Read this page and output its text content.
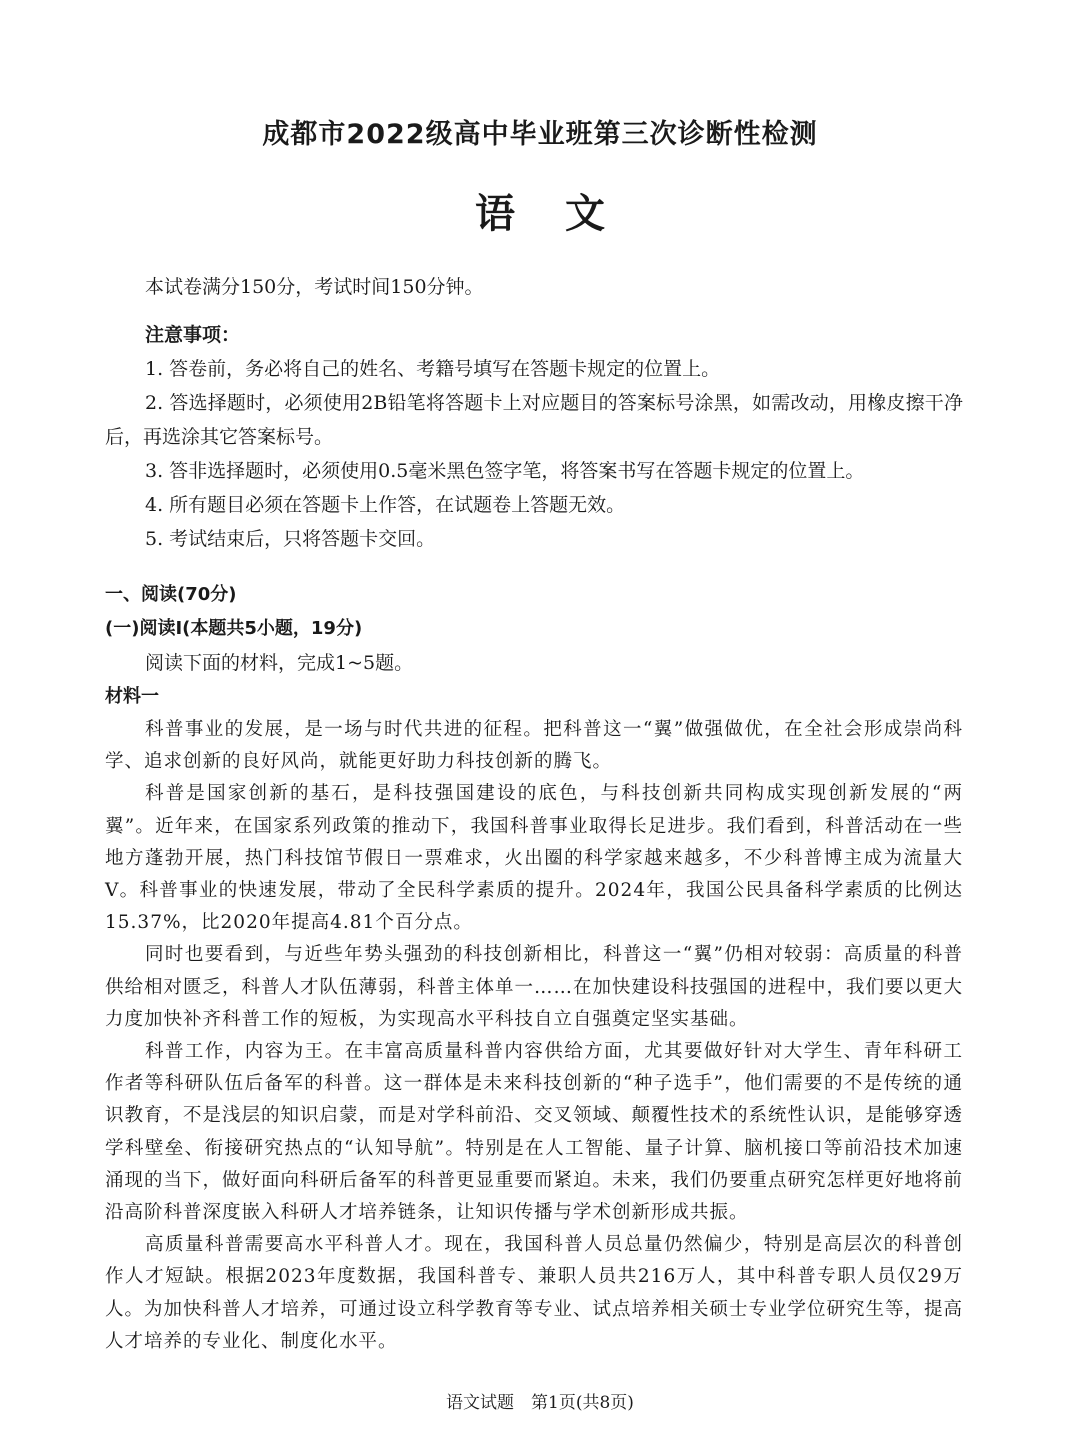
成都市2022级高中毕业班第三次诊断性检测
语文
本试卷满分150分，考试时间150分钟。
注意事项：
1. 答卷前，务必将自己的姓名、考籍号填写在答题卡规定的位置上。
2. 答选择题时，必须使用2B铅笔将答题卡上对应题目的答案标号涂黑，如需改动，用橡皮擦干净后，再选涂其它答案标号。
3. 答非选择题时，必须使用0.5毫米黑色签字笔，将答案书写在答题卡规定的位置上。
4. 所有题目必须在答题卡上作答，在试题卷上答题无效。
5. 考试结束后，只将答题卡交回。
一、阅读(70分)
(一)阅读Ⅰ(本题共5小题，19分)
阅读下面的材料，完成1~5题。
材料一
科普事业的发展，是一场与时代共进的征程。把科普这一“翼”做强做优，在全社会形成崇尚科学、追求创新的良好风尚，就能更好助力科技创新的腾飞。
科普是国家创新的基石，是科技强国建设的底色，与科技创新共同构成实现创新发展的“两翼”。近年来，在国家系列政策的推动下，我国科普事业取得长足进步。我们看到，科普活动在一些地方蓬勃开展，热门科技馆节假日一票难求，火出圈的科学家越来越多，不少科普博主成为流量大V。科普事业的快速发展，带动了全民科学素质的提升。2024年，我国公民具备科学素质的比例达15.37%，比2020年提高4.81个百分点。
同时也要看到，与近些年势头强劲的科技创新相比，科普这一“翼”仍相对较弱：高质量的科普供给相对匮乏，科普人才队伍薄弱，科普主体单一……在加快建设科技强国的进程中，我们要以更大力度加快补齐科普工作的短板，为实现高水平科技自立自强奠定坚实基础。
科普工作，内容为王。在丰富高质量科普内容供给方面，尤其要做好针对大学生、青年科研工作者等科研队伍后备军的科普。这一群体是未来科技创新的“种子选手”，他们需要的不是传统的通识教育，不是浅层的知识启蒙，而是对学科前沿、交叉领域、颠覆性技术的系统性认识，是能够穿透学科壁垒、衔接研究热点的“认知导航”。特别是在人工智能、量子计算、脑机接口等前沿技术加速涌现的当下，做好面向科研后备军的科普更显重要而紧迫。未来，我们仍要重点研究怎样更好地将前沿高阶科普深度嵌入科研人才培养链条，让知识传播与学术创新形成共振。
高质量科普需要高水平科普人才。现在，我国科普人员总量仍然偏少，特别是高层次的科普创作人才短缺。根据2023年度数据，我国科普专、兼职人员共216万人，其中科普专职人员仅29万人。为加快科普人才培养，可通过设立科学教育等专业、试点培养相关硕士专业学位研究生等，提高人才培养的专业化、制度化水平。
语文试题　第1页(共8页)
